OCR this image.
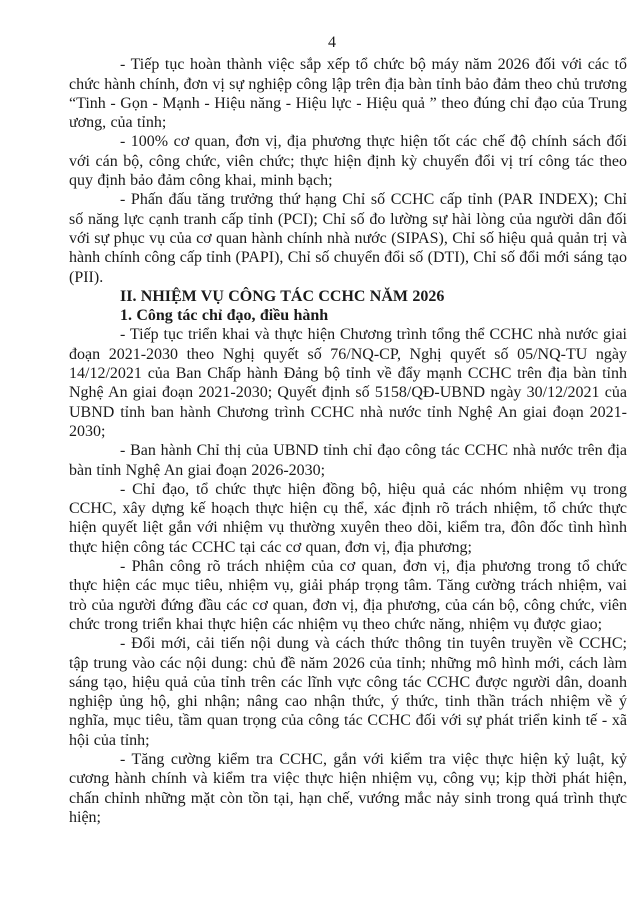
4

- Tiếp tục hoàn thành việc sắp xếp tổ chức bộ máy năm 2026 đối với các tổ chức hành chính, đơn vị sự nghiệp công lập trên địa bàn tỉnh bảo đảm theo chủ trương “Tinh - Gọn - Mạnh - Hiệu năng - Hiệu lực - Hiệu quả ” theo đúng chỉ đạo của Trung ương, của tỉnh;

- 100% cơ quan, đơn vị, địa phương thực hiện tốt các chế độ chính sách đối với cán bộ, công chức, viên chức; thực hiện định kỳ chuyển đổi vị trí công tác theo quy định bảo đảm công khai, minh bạch;

- Phấn đấu tăng trưởng thứ hạng Chỉ số CCHC cấp tỉnh (PAR INDEX); Chỉ số năng lực cạnh tranh cấp tỉnh (PCI); Chỉ số đo lường sự hài lòng của người dân đối với sự phục vụ của cơ quan hành chính nhà nước (SIPAS), Chỉ số hiệu quả quản trị và hành chính công cấp tỉnh (PAPI), Chỉ số chuyển đổi số (DTI), Chỉ số đổi mới sáng tạo (PII).

II. NHIỆM VỤ CÔNG TÁC CCHC NĂM 2026

1. Công tác chỉ đạo, điều hành

- Tiếp tục triển khai và thực hiện Chương trình tổng thể CCHC nhà nước giai đoạn 2021-2030 theo Nghị quyết số 76/NQ-CP, Nghị quyết số 05/NQ-TU ngày 14/12/2021 của Ban Chấp hành Đảng bộ tỉnh về đẩy mạnh CCHC trên địa bàn tỉnh Nghệ An giai đoạn 2021-2030; Quyết định số 5158/QĐ-UBND ngày 30/12/2021 của UBND tỉnh ban hành Chương trình CCHC nhà nước tỉnh Nghệ An giai đoạn 2021-2030;

- Ban hành Chỉ thị của UBND tỉnh chỉ đạo công tác CCHC nhà nước trên địa bàn tỉnh Nghệ An giai đoạn 2026-2030;

- Chỉ đạo, tổ chức thực hiện đồng bộ, hiệu quả các nhóm nhiệm vụ trong CCHC, xây dựng kế hoạch thực hiện cụ thể, xác định rõ trách nhiệm, tổ chức thực hiện quyết liệt gắn với nhiệm vụ thường xuyên theo dõi, kiểm tra, đôn đốc tình hình thực hiện công tác CCHC tại các cơ quan, đơn vị, địa phương;

- Phân công rõ trách nhiệm của cơ quan, đơn vị, địa phương trong tổ chức thực hiện các mục tiêu, nhiệm vụ, giải pháp trọng tâm. Tăng cường trách nhiệm, vai trò của người đứng đầu các cơ quan, đơn vị, địa phương, của cán bộ, công chức, viên chức trong triển khai thực hiện các nhiệm vụ theo chức năng, nhiệm vụ được giao;

- Đổi mới, cải tiến nội dung và cách thức thông tin tuyên truyền về CCHC; tập trung vào các nội dung: chủ đề năm 2026 của tỉnh; những mô hình mới, cách làm sáng tạo, hiệu quả của tỉnh trên các lĩnh vực công tác CCHC được người dân, doanh nghiệp ủng hộ, ghi nhận; nâng cao nhận thức, ý thức, tinh thần trách nhiệm về ý nghĩa, mục tiêu, tầm quan trọng của công tác CCHC đối với sự phát triển kinh tế - xã hội của tỉnh;

- Tăng cường kiểm tra CCHC, gắn với kiểm tra việc thực hiện kỷ luật, kỷ cương hành chính và kiểm tra việc thực hiện nhiệm vụ, công vụ; kịp thời phát hiện, chấn chỉnh những mặt còn tồn tại, hạn chế, vướng mắc nảy sinh trong quá trình thực hiện;
